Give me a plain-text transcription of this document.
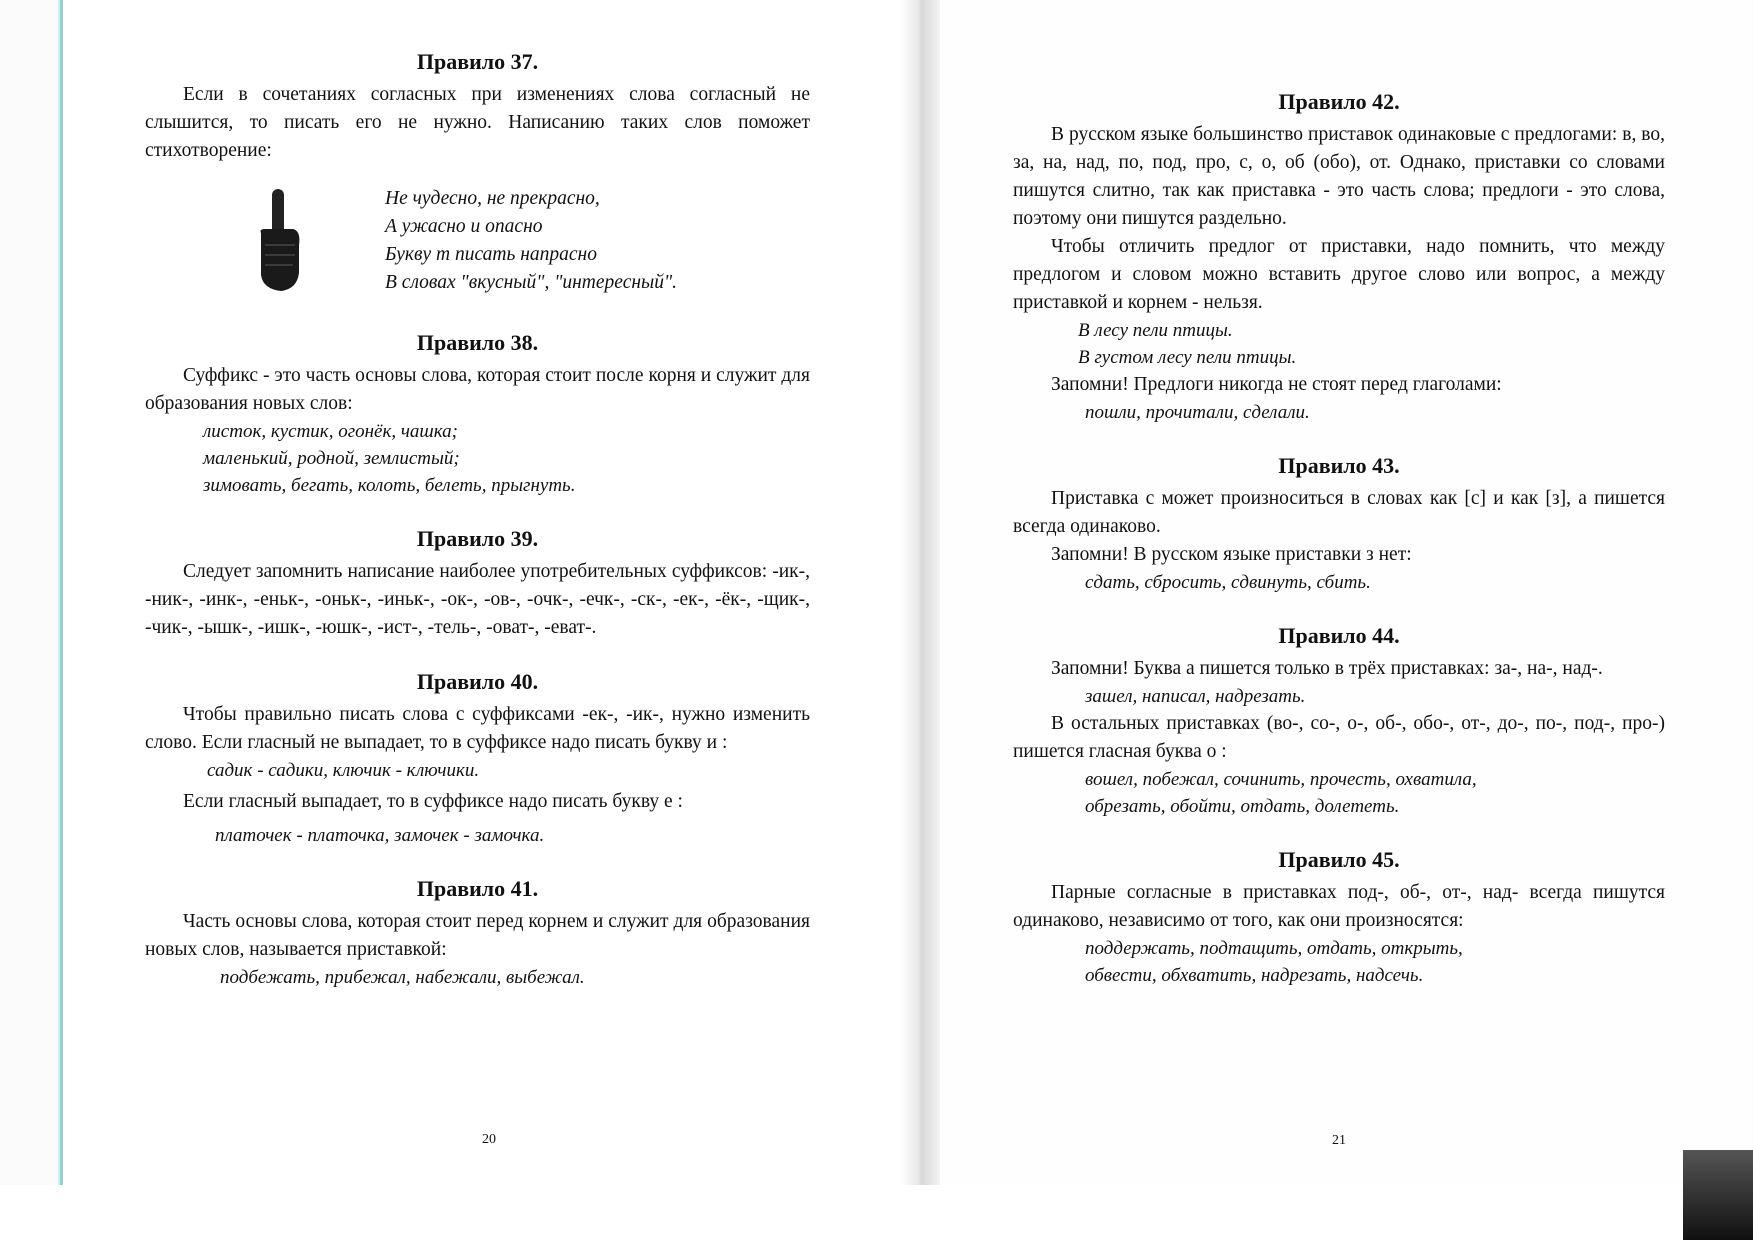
Правило 37.

Если в сочетаниях согласных при изменениях слова согласный не слышится, то писать его не нужно. Написанию таких слов поможет стихотворение:

Не чудесно, не прекрасно,

А ужасно и опасно

Букву т писать напрасно

В словах "вкусный", "интересный".

Правило 38.

Суффикс - это часть основы слова, которая стоит после корня и служит для образования новых слов:

листок, кустик, огонёк, чашка;

маленький, родной, землистый;

зимовать, бегать, колоть, белеть, прыгнуть.

Правило 39.

Следует запомнить написание наиболее употребительных суффиксов: -ик-, -ник-, -инк-, -еньк-, -оньк-, -иньк-, -ок-, -ов-, -очк-, -ечк-, -ск-, -ек-, -ёк-, -щик-, -чик-, -ышк-, -ишк-, -юшк-, -ист-, -тель-, -оват-, -еват-.

Правило 40.

Чтобы правильно писать слова с суффиксами -ек-, -ик-, нужно изменить слово. Если гласный не выпадает, то в суффиксе надо писать букву и :

садик - садики, ключик - ключики.

Если гласный выпадает, то в суффиксе надо писать букву е :

платочек - платочка, замочек - замочка.

Правило 41.

Часть основы слова, которая стоит перед корнем и служит для образования новых слов, называется приставкой:

подбежать, прибежал, набежали, выбежал.

20
Правило 42.

В русском языке большинство приставок одинаковые с предлогами: в, во, за, на, над, по, под, про, с, о, об (обо), от. Однако, приставки со словами пишутся слитно, так как приставка - это часть слова; предлоги - это слова, поэтому они пишутся раздельно.

Чтобы отличить предлог от приставки, надо помнить, что между предлогом и словом можно вставить другое слово или вопрос, а между приставкой и корнем - нельзя.

В лесу пели птицы.

В густом лесу пели птицы.

Запомни! Предлоги никогда не стоят перед глаголами:

пошли, прочитали, сделали.

Правило 43.

Приставка с может произноситься в словах как [с] и как [з], а пишется всегда одинаково.

Запомни! В русском языке приставки з нет:

сдать, сбросить, сдвинуть, сбить.

Правило 44.

Запомни! Буква а пишется только в трёх приставках: за-, на-, над-.

зашел, написал, надрезать.

В остальных приставках (во-, со-, о-, об-, обо-, от-, до-, по-, под-, про-) пишется гласная буква о :

вошел, побежал, сочинить, прочесть, охватила,

обрезать, обойти, отдать, долететь.

Правило 45.

Парные согласные в приставках под-, об-, от-, над- всегда пишутся одинаково, независимо от того, как они произносятся:

поддержать, подтащить, отдать, открыть,

обвести, обхватить, надрезать, надсечь.

21
